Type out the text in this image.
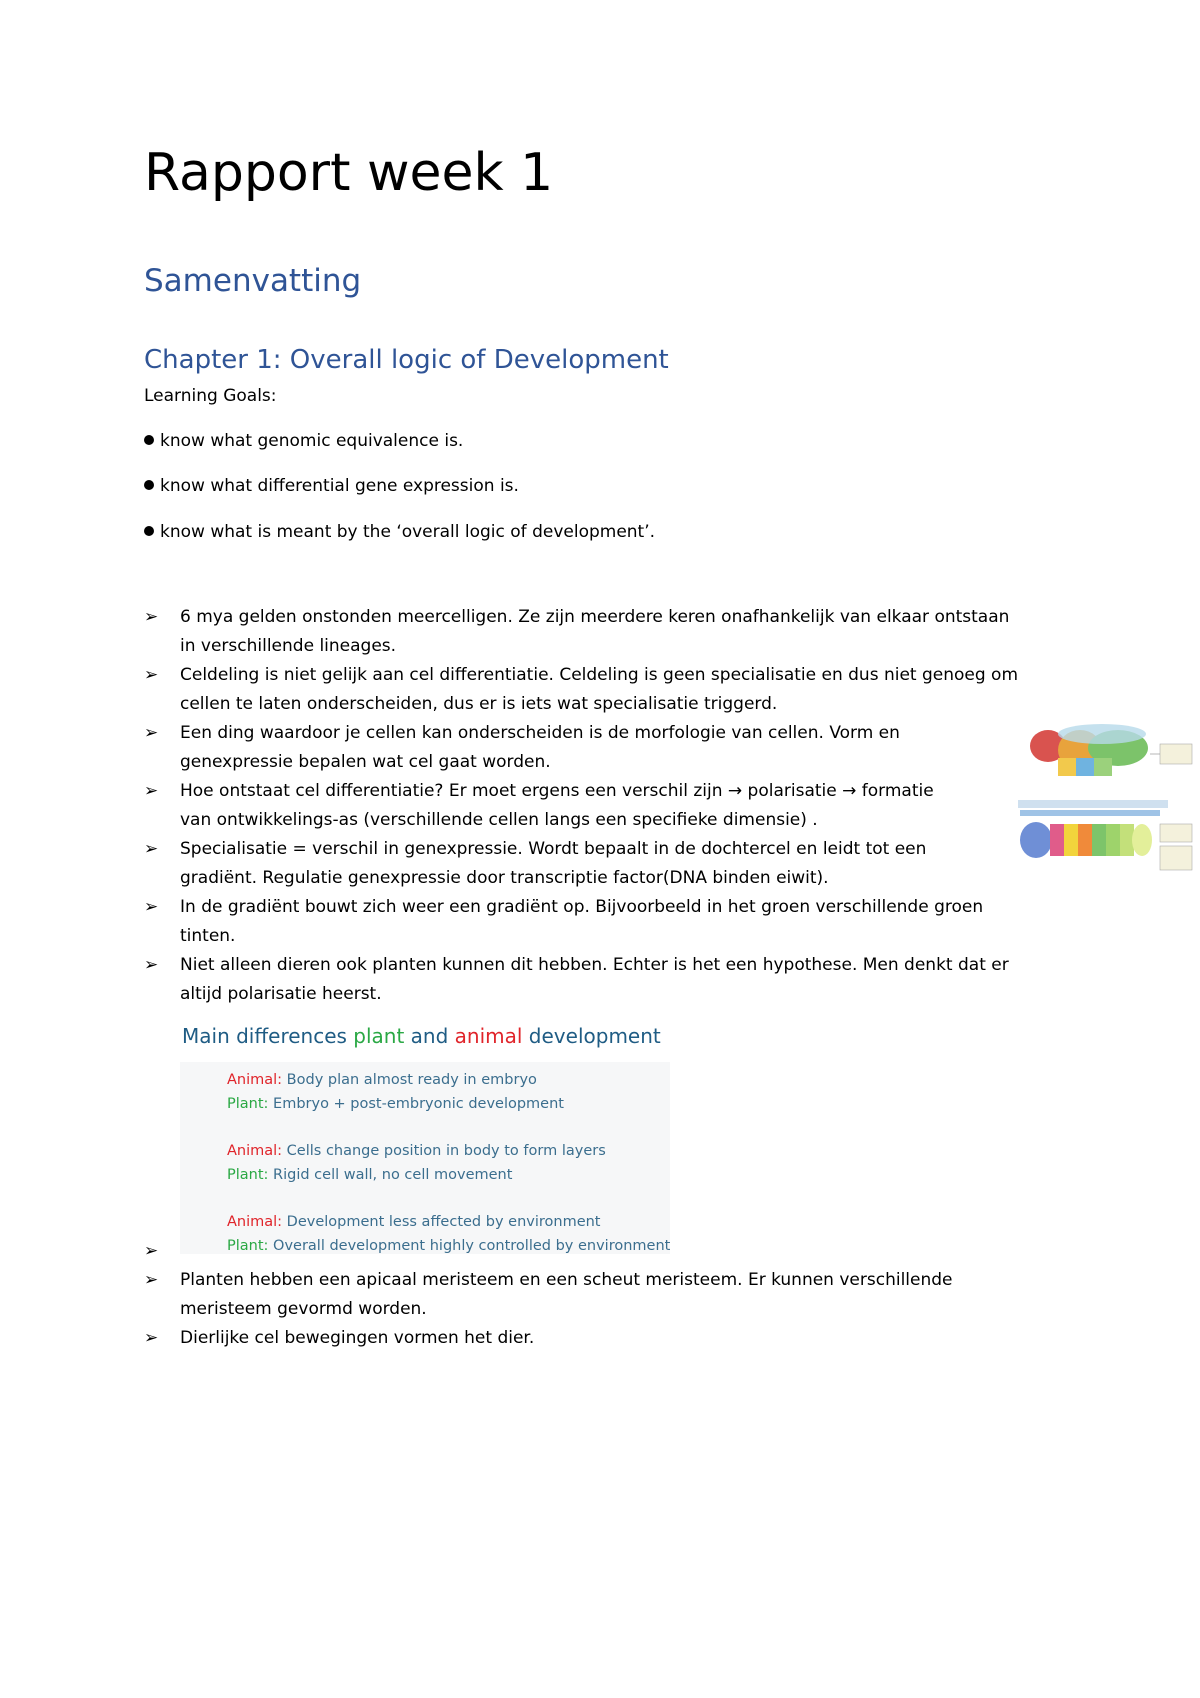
Rapport week 1
Samenvatting
Chapter 1: Overall logic of Development
Learning Goals:
know what genomic equivalence is.
know what differential gene expression is.
know what is meant by the ‘overall logic of development’.
➢ 6 mya gelden onstonden meercelligen. Ze zijn meerdere keren onafhankelijk van elkaar ontstaan
in verschillende lineages.
➢ Celdeling is niet gelijk aan cel differentiatie. Celdeling is geen specialisatie en dus niet genoeg om
cellen te laten onderscheiden, dus er is iets wat specialisatie triggerd.
➢ Een ding waardoor je cellen kan onderscheiden is de morfologie van cellen. Vorm en
genexpressie bepalen wat cel gaat worden.
➢ Hoe ontstaat cel differentiatie? Er moet ergens een verschil zijn → polarisatie → formatie
van ontwikkelings-as (verschillende cellen langs een specifieke dimensie) .
➢ Specialisatie = verschil in genexpressie. Wordt bepaalt in de dochtercel en leidt tot een
gradiënt. Regulatie genexpressie door transcriptie factor(DNA binden eiwit).
➢ In de gradiënt bouwt zich weer een gradiënt op. Bijvoorbeeld in het groen verschillende groen
tinten.
➢ Niet alleen dieren ook planten kunnen dit hebben. Echter is het een hypothese. Men denkt dat er
altijd polarisatie heerst.
Main differences plant and animal development
Animal: Body plan almost ready in embryo
Plant: Embryo + post-embryonic development
Animal: Cells change position in body to form layers
Plant: Rigid cell wall, no cell movement
Animal: Development less affected by environment
Plant: Overall development highly controlled by environment
➢
➢ Planten hebben een apicaal meristeem en een scheut meristeem. Er kunnen verschillende
meristeem gevormd worden.
➢ Dierlijke cel bewegingen vormen het dier.
